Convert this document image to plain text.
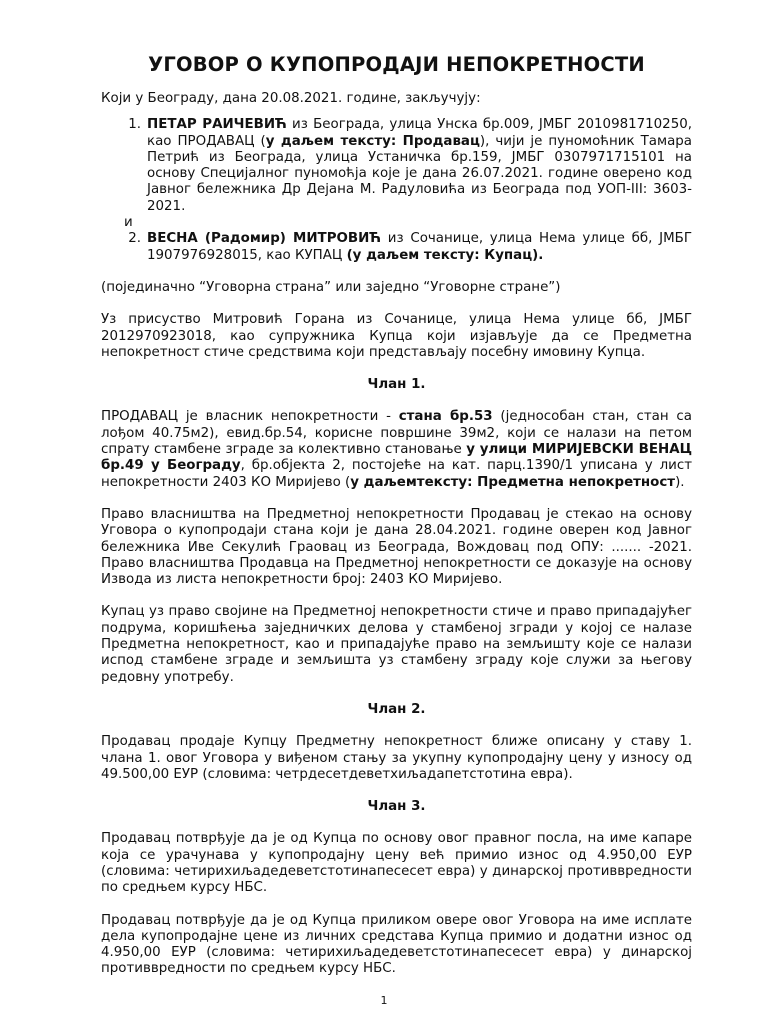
УГОВОР О КУПОПРОДАЈИ НЕПОКРЕТНОСТИ

Који у Београду, дана 20.08.2021. године, закључују:

1. ПЕТАР РАИЧЕВИЋ из Београда, улица Унска бр.009, ЈМБГ 2010981710250, као ПРОДАВАЦ (у даљем тексту: Продавац), чији је пуномоћник Тамара Петрић из Београда, улица Устаничка бр.159, ЈМБГ 0307971715101 на основу Специјалног пуномоћја које је дана 26.07.2021. године оверено код Јавног бележника Др Дејана М. Радуловића из Београда под УОП-III: 3603-2021.

и

2. ВЕСНА (Радомир) МИТРОВИЋ из Сочанице, улица Нема улице бб, ЈМБГ 1907976928015, као КУПАЦ (у даљем тексту: Купац).

(појединачно “Уговорна страна” или заједно “Уговорне стране”)

Уз присуство Митровић Горана из Сочанице, улица Нема улице бб, ЈМБГ 2012970923018, као супружника Купца који изјављује да се Предметна непокретност стиче средствима који представљају посебну имовину Купца.

Члан 1.

ПРОДАВАЦ је власник непокретности - стана бр.53 (једнособан стан, стан са лођом 40.75м2), евид.бр.54, корисне површине 39м2, који се налази на петом спрату стамбене зграде за колективно становање у улици МИРИЈЕВСКИ ВЕНАЦ бр.49 у Београду, бр.објекта 2, постојеће на кат. парц.1390/1 уписана у лист непокретности 2403 КО Миријево (у даљемтексту: Предметна непокретност).

Право власништва на Предметној непокретности Продавац је стекао на основу Уговора о купопродаји стана који је дана 28.04.2021. године оверен код Јавног бележника Иве Секулић Граовац из Београда, Вождовац под ОПУ: ....... -2021. Право власништва Продавца на Предметној непокретности се доказује на основу Извода из листа непокретности број: 2403 КО Миријево.

Купац уз право својине на Предметној непокретности стиче и право припадајућег подрума, коришћења заједничких делова у стамбеној згради у којој се налазе Предметна непокретност, као и припадајуће право на земљишту које се налази испод стамбене зграде и земљишта уз стамбену зграду које служи за његову редовну употребу.

Члан 2.

Продавац продаје Купцу Предметну непокретност ближе описану у ставу 1. члана 1. овог Уговора у виђеном стању за укупну купопродајну цену у износу од 49.500,00 ЕУР (словима: четрдесетдеветхиљадапетстотина евра).

Члан 3.

Продавац потврђује да је од Купца по основу овог правног посла, на име капаре која се урачунава у купопродајну цену већ примио износ од 4.950,00 ЕУР (словима: четирихиљадедеветстотинапесесет евра) у динарској противвредности по средњем курсу НБС.

Продавац потврђује да је од Купца приликом овере овог Уговора на име исплате дела купопродајне цене из личних средстава Купца примио и додатни износ од 4.950,00 ЕУР (словима: четирихиљадедеветстотинапесесет евра) у динарској противвредности по средњем курсу НБС.

1
